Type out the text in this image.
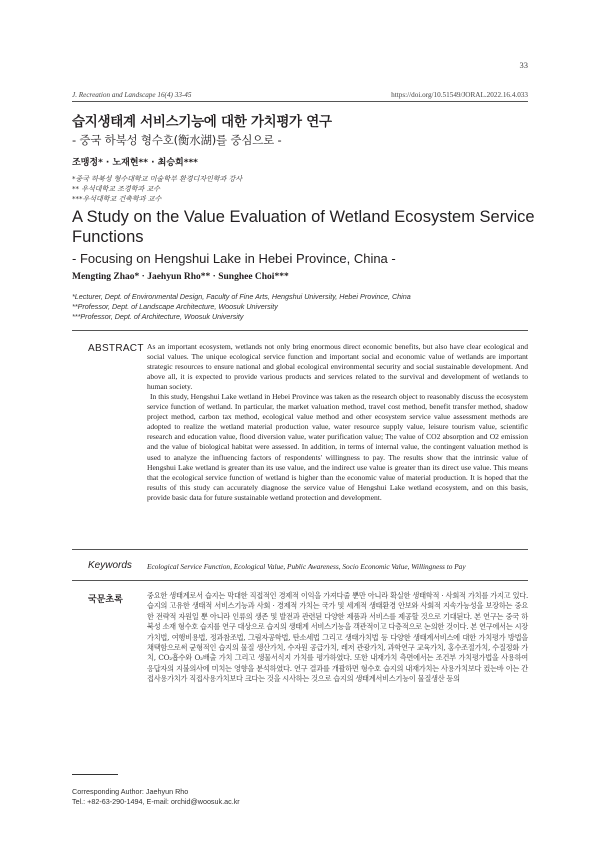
33
J. Recreation and Landscape 16(4) 33-45	https://doi.org/10.51549/JORAL.2022.16.4.033
습지생태계 서비스기능에 대한 가치평가 연구
- 중국 하북성 형수호(衡水湖)를 중심으로 -
조맹정* · 노재현** · 최승희***
*중국 하북성 형수대학교 미술학부 환경디자인학과 강사
** 우석대학교 조경학과 교수
***우석대학교 건축학과 교수
A Study on the Value Evaluation of Wetland Ecosystem Service Functions
- Focusing on Hengshui Lake in Hebei Province, China -
Mengting Zhao* · Jaehyun Rho** · Sunghee Choi***
*Lecturer, Dept. of Environmental Design, Faculty of Fine Arts, Hengshui University, Hebei Province, China
**Professor, Dept. of Landscape Architecture, Woosuk University
***Professor, Dept. of Architecture, Woosuk University
ABSTRACT As an important ecosystem, wetlands not only bring enormous direct economic benefits, but also have clear ecological and social values. The unique ecological service function and important social and economic value of wetlands are important strategic resources to ensure national and global ecological environmental security and social sustainable development. And above all, it is expected to provide various products and services related to the survival and development of wetlands to human society.

In this study, Hengshui Lake wetland in Hebei Province was taken as the research object to reasonably discuss the ecosystem service function of wetland. In particular, the market valuation method, travel cost method, benefit transfer method, shadow project method, carbon tax method, ecological value method and other ecosystem service value assessment methods are adopted to realize the wetland material production value, water resource supply value, leisure tourism value, scientific research and education value, flood diversion value, water purification value; The value of CO2 absorption and O2 emission and the value of biological habitat were assessed. In addition, in terms of internal value, the contingent valuation method is used to analyze the influencing factors of respondents' willingness to pay. The results show that the intrinsic value of Hengshui Lake wetland is greater than its use value, and the indirect use value is greater than its direct use value. This means that the ecological service function of wetland is higher than the economic value of material production. It is hoped that the results of this study can accurately diagnose the service value of Hengshui Lake wetland ecosystem, and on this basis, provide basic data for future sustainable wetland protection and development.

Keywords Ecological Service Function, Ecological Value, Public Awareness, Socio Economic Value, Willingness to Pay
국문초록	중요한 생태계로서 습지는 막대한 직접적인 경제적 이익을 가져다줄 뿐만 아니라 확실한 생태학적 · 사회적 가치를 가지고 있다. 습지의 고유한 생태적 서비스기능과 사회 · 경제적 가치는 국가 및 세계적 생태환경 안보와 사회적 지속가능성을 보장하는 중요한 전략적 자원일 뿐 아니라 인류의 생존 및 발전과 관련된 다양한 제품과 서비스를 제공할 것으로 기대된다. 본 연구는 중국 하북성 소재 형수호 습지를 연구 대상으로 습지의 생태계 서비스기능을 객관적이고 다층적으로 논의한 것이다. 본 연구에서는 시장가치법, 여행비용법, 정과참조법, 그림자공학법, 탄소세법 그리고 생태가치법 등 다양한 생태계서비스에 대한 가치평가 방법을 채택함으로써 균형적인 습지의 물질 생산가치, 수자원 공급가치, 레저 관광가치, 과학연구 교육가치, 홍수조절가치, 수질정화 가치, CO₂흡수와 O₂배출 가치 그리고 생물서식지 가치를 평가하였다. 또한 내재가치 측면에서는 조건부 가치평가법을 사용하여 응답자의 지불의사에 미치는 영향을 분석하였다. 연구 결과를 개괄하면 형수호 습지의 내재가치는 사용가치보다 컸는바 이는 간접사용가치가 직접사용가치보다 크다는 것을 시사하는 것으로 습지의 생태계서비스기능이 물질생산 등의

Corresponding Author: Jaehyun Rho
Tel.: +82-63-290-1494, E-mail: orchid@woosuk.ac.kr
